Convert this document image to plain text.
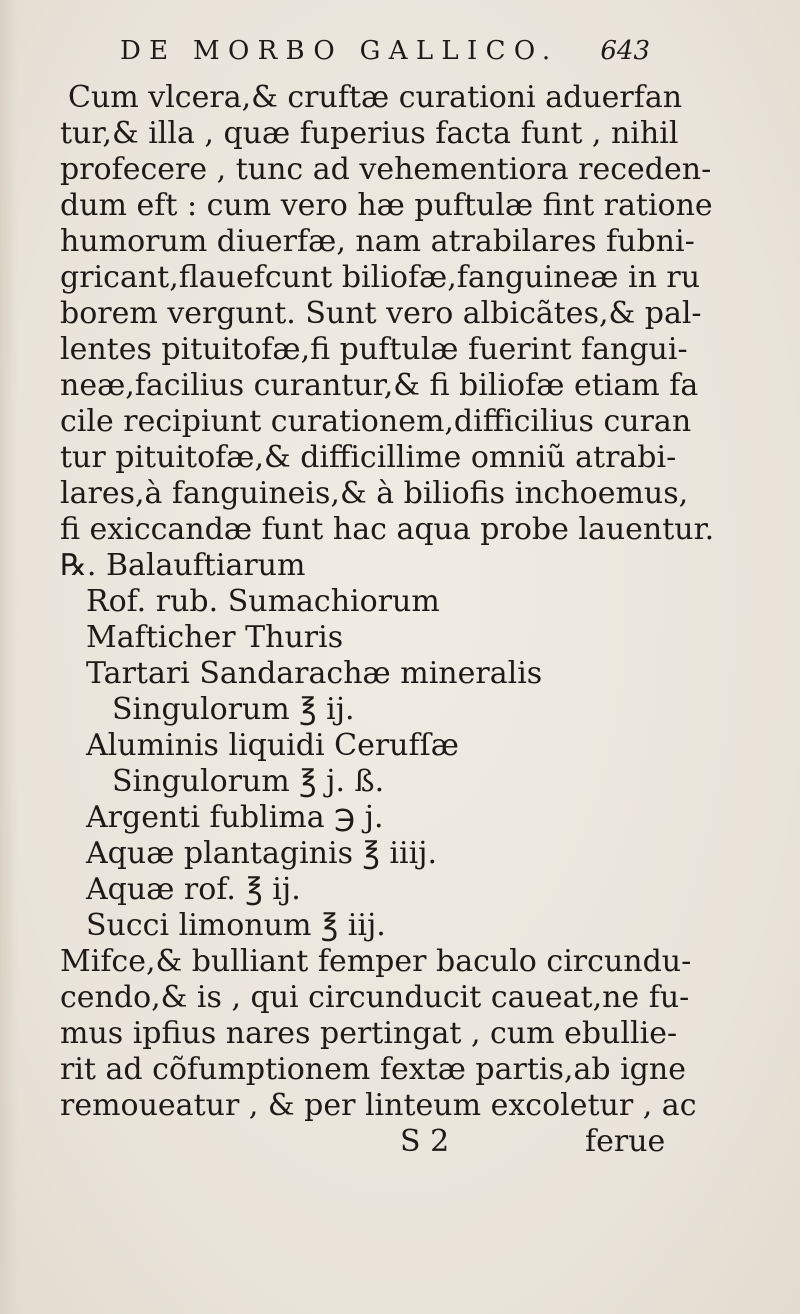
DE MORBO GALLICO. 643
Cum vlcera,& cruftæ curationi aduerfan
tur,& illa , quæ fuperius facta funt , nihil
profecere , tunc ad vehementiora receden-
dum eft : cum vero hæ puftulæ fint ratione
humorum diuerfæ, nam atrabilares fubni-
gricant,flauefcunt biliofæ,fanguineæ in ru
borem vergunt. Sunt vero albicãtes,& pal-
lentes pituitofæ,fi puftulæ fuerint fangui-
neæ,facilius curantur,& fi biliofæ etiam fa
cile recipiunt curationem,difficilius curan
tur pituitofæ,& difficillime omniũ atrabi-
lares,à fanguineis,& à biliofis inchoemus,
fi exiccandæ funt hac aqua probe lauentur.
℞. Balauftiarum
Rof. rub. Sumachiorum
Mafticher Thuris
Tartari Sandarachæ mineralis
Singulorum ℥ ij.
Aluminis liquidi Cerufſæ
Singulorum ℥ j. ß.
Argenti fublima ℈ j.
Aquæ plantaginis ℥ iiij.
Aquæ rof. ℥ ij.
Succi limonum ℥ iij.
Mifce,& bulliant femper baculo circundu-
cendo,& is , qui circunducit caueat,ne fu-
mus ipfius nares pertingat , cum ebullie-
rit ad cõfumptionem fextæ partis,ab igne
remoueatur , & per linteum excoletur , ac
S 2	ferue
